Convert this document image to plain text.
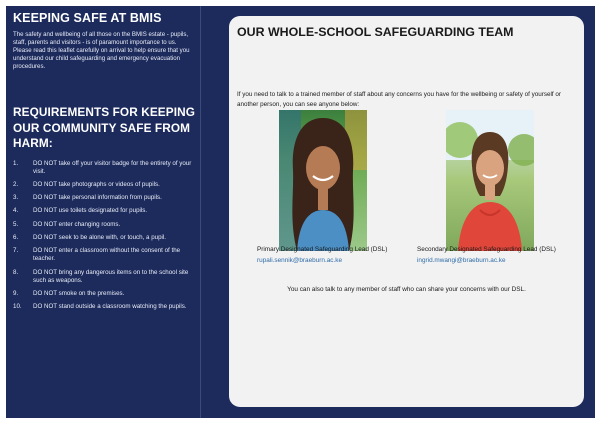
KEEPING SAFE AT BMIS

The safety and wellbeing of all those on the BMIS estate - pupils, staff, parents and visitors - is of paramount importance to us. Please read this leaflet carefully on arrival to help ensure that you understand our child safeguarding and emergency evacuation procedures.

REQUIREMENTS FOR KEEPING OUR COMMUNITY SAFE FROM HARM:
1.	DO NOT take off your visitor badge for the entirety of your visit.
2.	DO NOT take photographs or videos of pupils.
3.	DO NOT take personal information from pupils.
4.	DO NOT use toilets designated for pupils.
5.	DO NOT enter changing rooms.
6.	DO NOT seek to be alone with, or touch, a pupil.
7.	DO NOT enter a classroom without the consent of the teacher.
8.	DO NOT bring any dangerous items on to the school site such as weapons.
9.	DO NOT smoke on the premises.
10.	DO NOT stand outside a classroom watching the pupils.
OUR WHOLE-SCHOOL SAFEGUARDING TEAM

If you need to talk to a trained member of staff about any concerns you have for the wellbeing or safety of yourself or another person, you can see anyone below:

Primary Designated Safeguarding Lead (DSL)

rupali.sennik@braeburn.ac.ke

Secondary Designated Safeguarding Lead (DSL)

ingrid.mwangi@braeburn.ac.ke

You can also talk to any member of staff who can share your concerns with our DSL.
